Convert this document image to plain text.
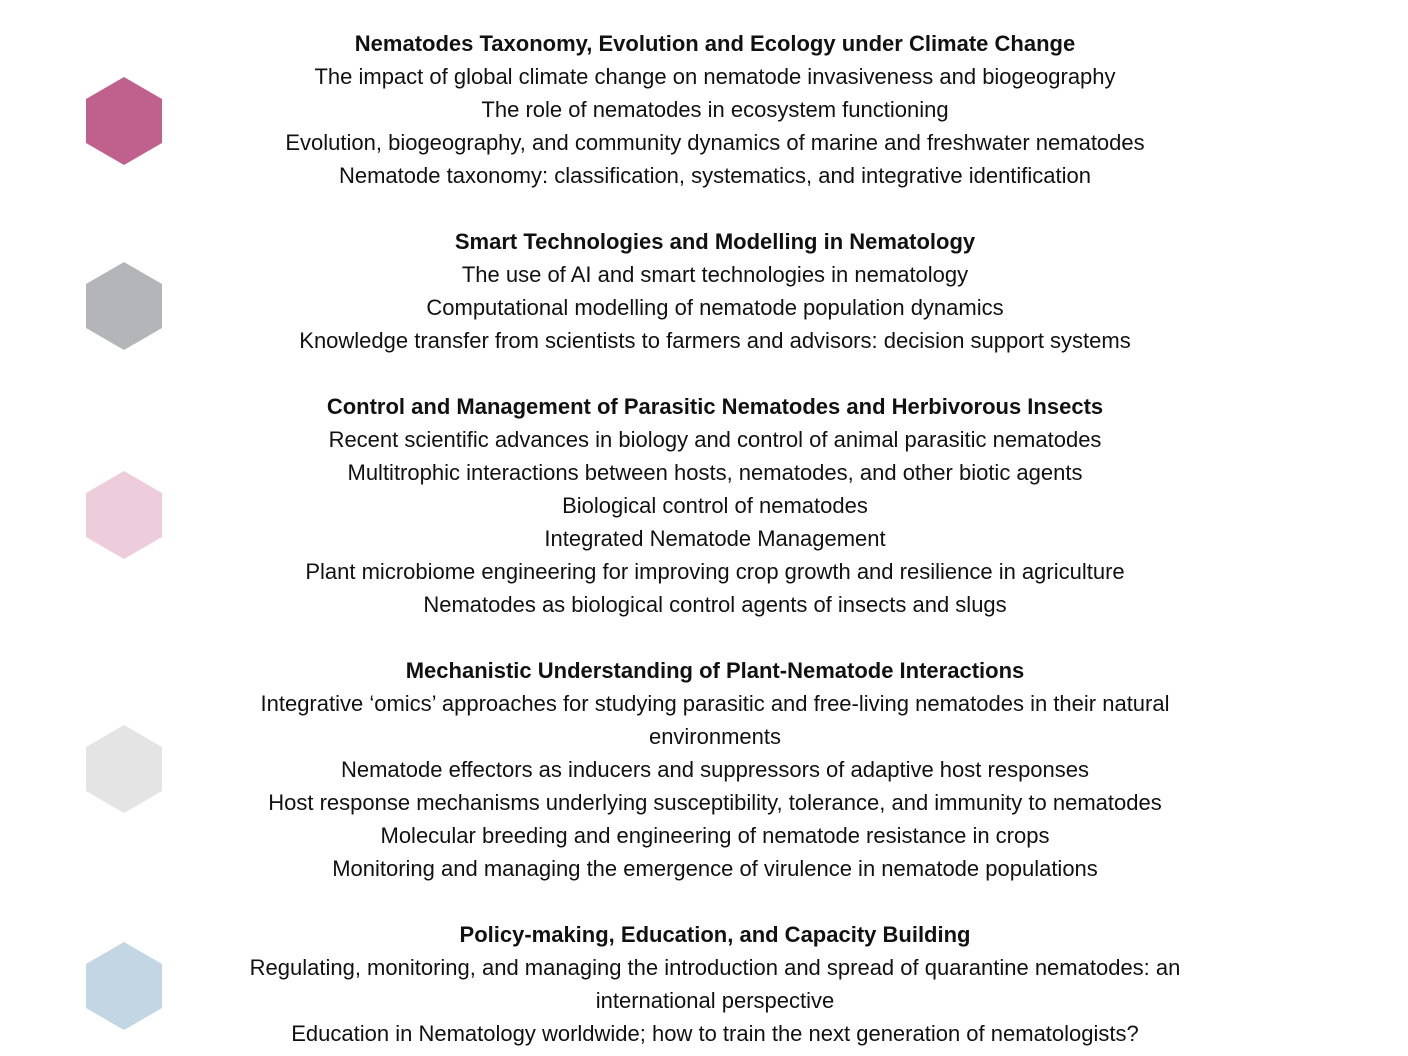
Nematodes Taxonomy, Evolution and Ecology under Climate Change

The impact of global climate change on nematode invasiveness and biogeography

The role of nematodes in ecosystem functioning

Evolution, biogeography, and community dynamics of marine and freshwater nematodes

Nematode taxonomy: classification, systematics, and integrative identification

Smart Technologies and Modelling in Nematology

The use of AI and smart technologies in nematology

Computational modelling of nematode population dynamics

Knowledge transfer from scientists to farmers and advisors: decision support systems

Control and Management of Parasitic Nematodes and Herbivorous Insects

Recent scientific advances in biology and control of animal parasitic nematodes

Multitrophic interactions between hosts, nematodes, and other biotic agents

Biological control of nematodes

Integrated Nematode Management

Plant microbiome engineering for improving crop growth and resilience in agriculture

Nematodes as biological control agents of insects and slugs

Mechanistic Understanding of Plant-Nematode Interactions

Integrative ‘omics’ approaches for studying parasitic and free-living nematodes in their natural

environments

Nematode effectors as inducers and suppressors of adaptive host responses

Host response mechanisms underlying susceptibility, tolerance, and immunity to nematodes

Molecular breeding and engineering of nematode resistance in crops

Monitoring and managing the emergence of virulence in nematode populations

Policy-making, Education, and Capacity Building

Regulating, monitoring, and managing the introduction and spread of quarantine nematodes: an

international perspective

Education in Nematology worldwide; how to train the next generation of nematologists?
